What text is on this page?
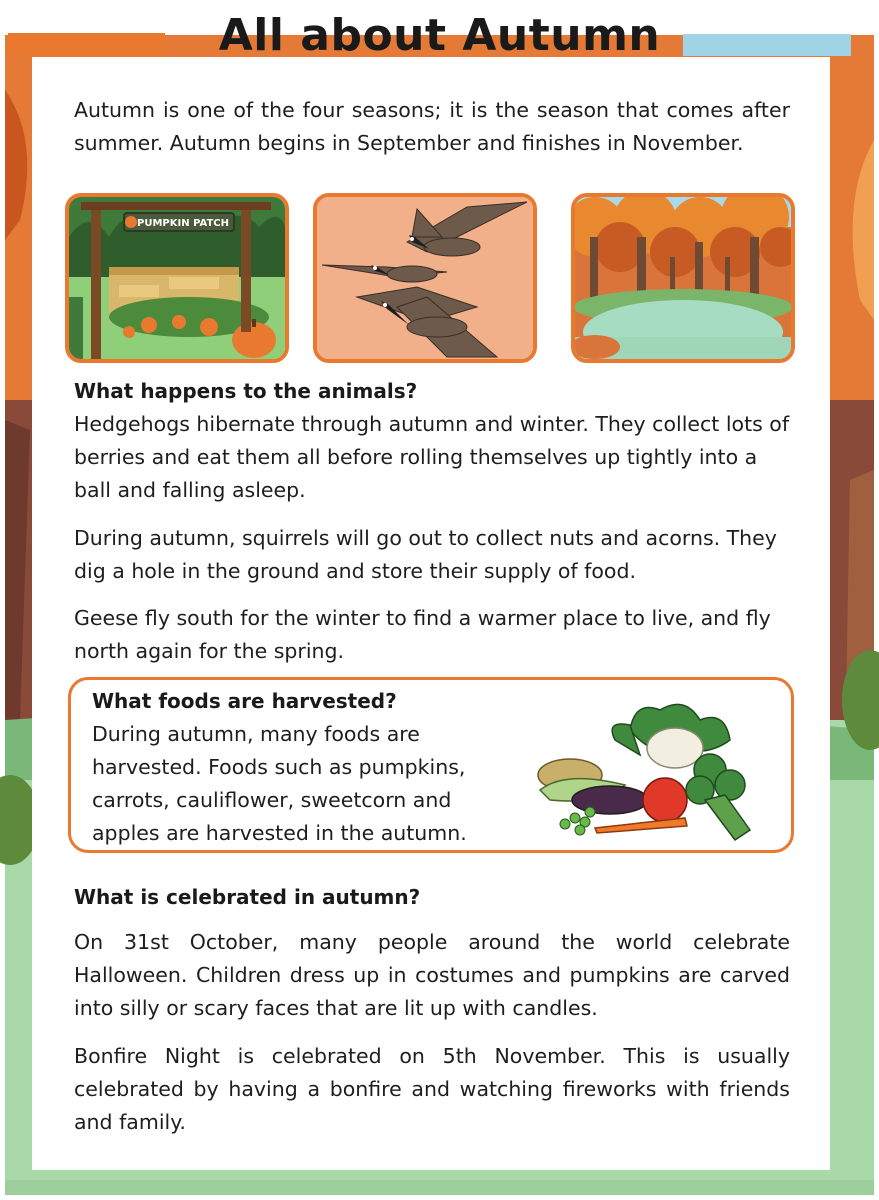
All about Autumn

Autumn is one of the four seasons; it is the season that comes after summer. Autumn begins in September and finishes in November.

PUMPKIN PATCH
What happens to the animals?

Hedgehogs hibernate through autumn and winter. They collect lots of berries and eat them all before rolling themselves up tightly into a ball and falling asleep.

During autumn, squirrels will go out to collect nuts and acorns. They dig a hole in the ground and store their supply of food.

Geese fly south for the winter to find a warmer place to live, and fly north again for the spring.

What foods are harvested?

During autumn, many foods are harvested. Foods such as pumpkins, carrots, cauliflower, sweetcorn and apples are harvested in the autumn.

What is celebrated in autumn?

On 31st October, many people around the world celebrate Halloween. Children dress up in costumes and pumpkins are carved into silly or scary faces that are lit up with candles.

Bonfire Night is celebrated on 5th November. This is usually celebrated by having a bonfire and watching fireworks with friends and family.
